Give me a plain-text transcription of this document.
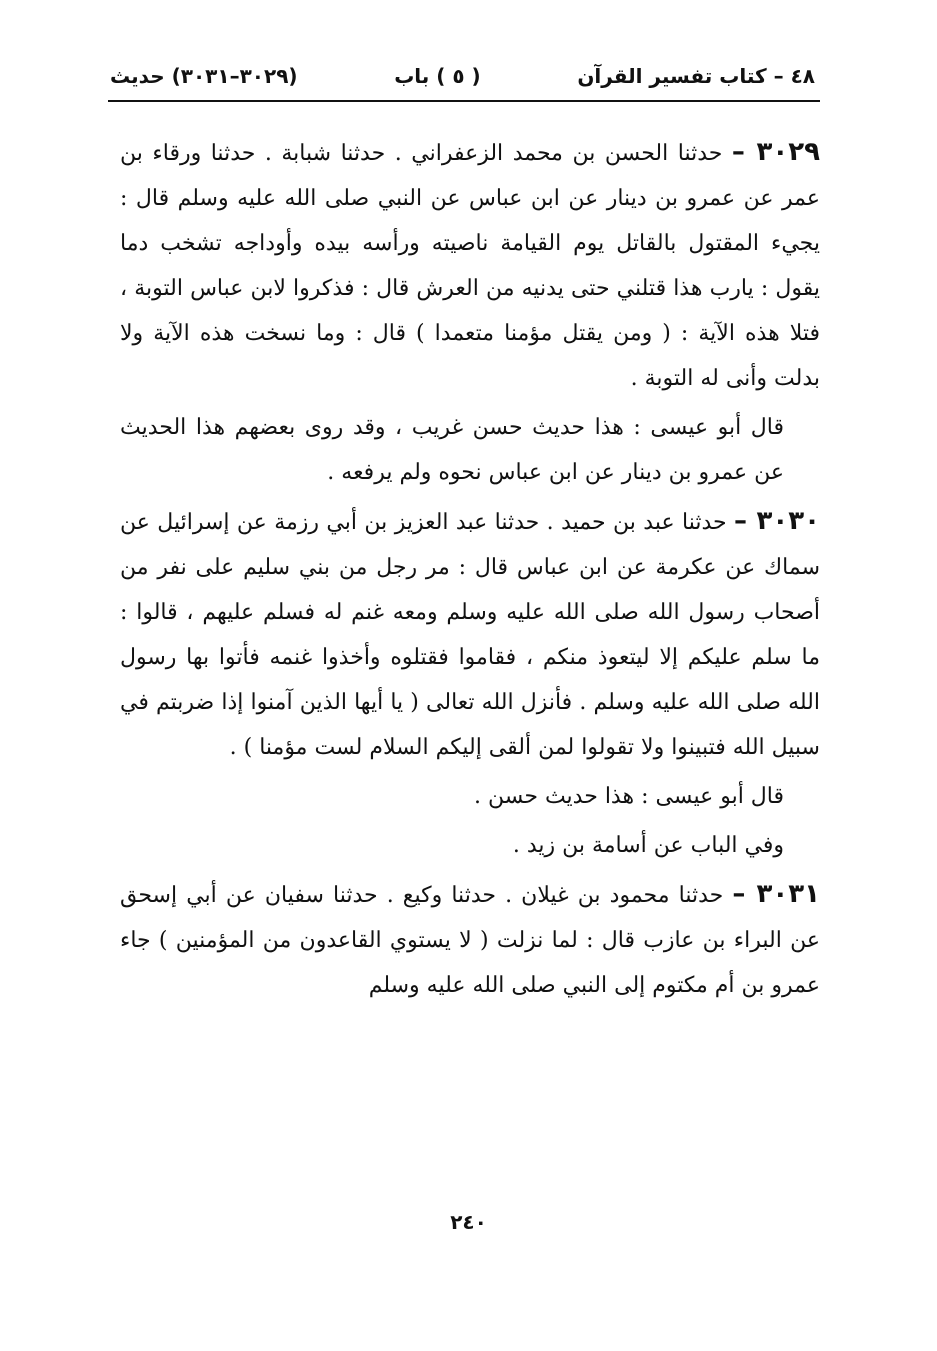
٤٨ – كتاب تفسير القرآن
( ٥ ) باب
(٣٠٢٩–٣٠٣١) حديث

٣٠٢٩ – حدثنا الحسن بن محمد الزعفراني . حدثنا شبابة . حدثنا ورقاء بن عمر عن عمرو بن دينار عن ابن عباس عن النبي صلى الله عليه وسلم قال : يجيء المقتول بالقاتل يوم القيامة ناصيته ورأسه بيده وأوداجه تشخب دما يقول : يارب هذا قتلني حتى يدنيه من العرش قال : فذكروا لابن عباس التوبة ، فتلا هذه الآية : ( ومن يقتل مؤمنا متعمدا ) قال : وما نسخت هذه الآية ولا بدلت وأنى له التوبة .

قال أبو عيسى : هذا حديث حسن غريب ، وقد روى بعضهم هذا الحديث عن عمرو بن دينار عن ابن عباس نحوه ولم يرفعه .

٣٠٣٠ – حدثنا عبد بن حميد . حدثنا عبد العزيز بن أبي رزمة عن إسرائيل عن سماك عن عكرمة عن ابن عباس قال : مر رجل من بني سليم على نفر من أصحاب رسول الله صلى الله عليه وسلم ومعه غنم له فسلم عليهم ، قالوا : ما سلم عليكم إلا ليتعوذ منكم ، فقاموا فقتلوه وأخذوا غنمه فأتوا بها رسول الله صلى الله عليه وسلم . فأنزل الله تعالى ( يا أيها الذين آمنوا إذا ضربتم في سبيل الله فتبينوا ولا تقولوا لمن ألقى إليكم السلام لست مؤمنا ) .

قال أبو عيسى : هذا حديث حسن .

وفي الباب عن أسامة بن زيد .

٣٠٣١ – حدثنا محمود بن غيلان . حدثنا وكيع . حدثنا سفيان عن أبي إسحق عن البراء بن عازب قال : لما نزلت ( لا يستوي القاعدون من المؤمنين ) جاء عمرو بن أم مكتوم إلى النبي صلى الله عليه وسلم

٢٤٠
